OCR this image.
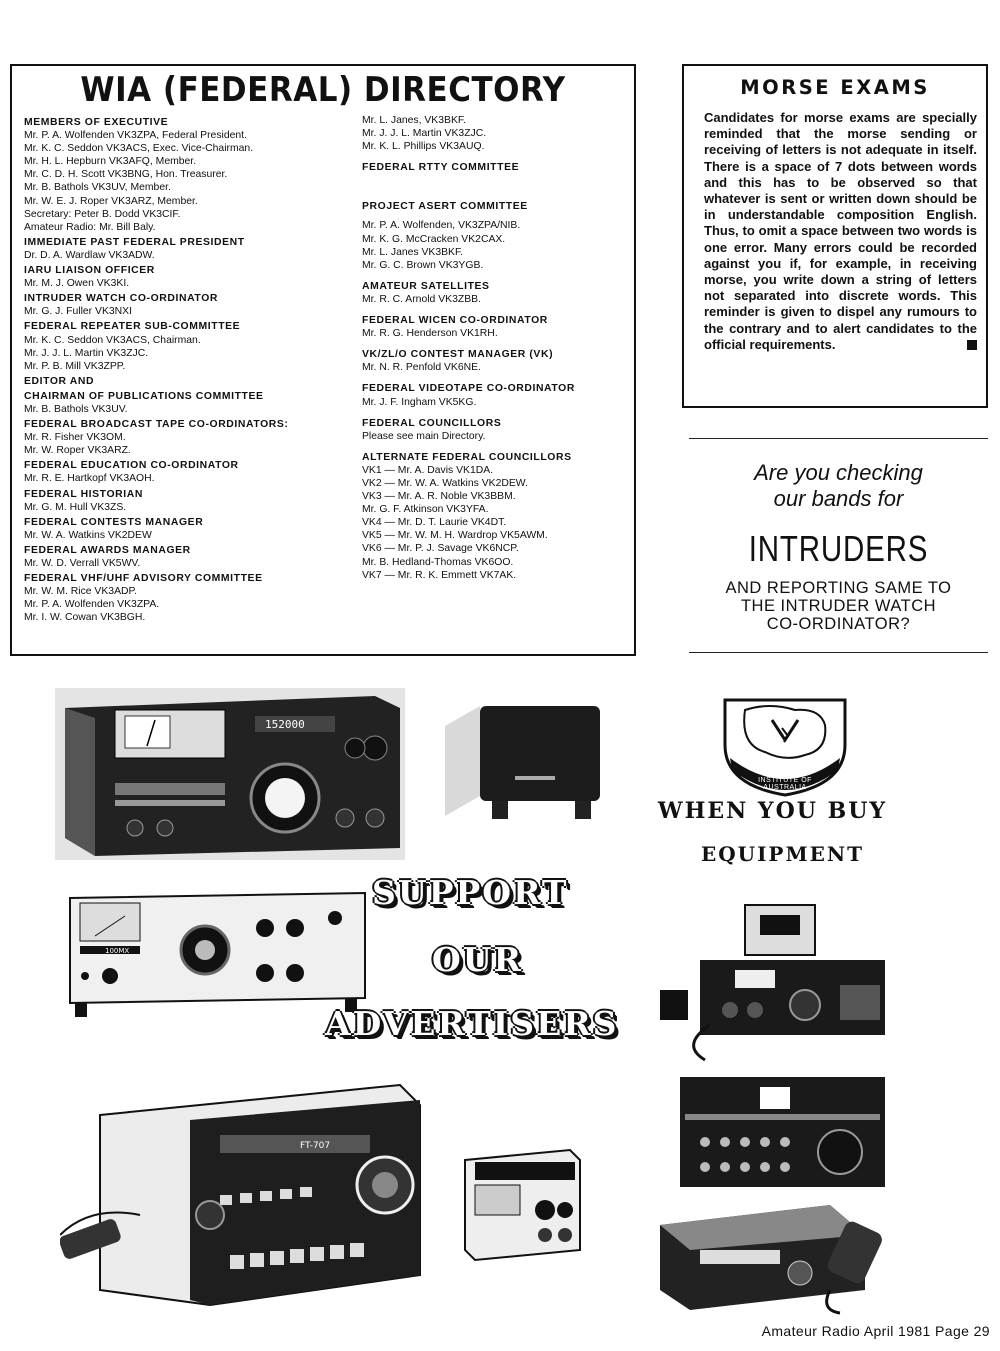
WIA (FEDERAL) DIRECTORY
MEMBERS OF EXECUTIVE
Mr. P. A. Wolfenden VK3ZPA, Federal President.
Mr. K. C. Seddon VK3ACS, Exec. Vice-Chairman.
Mr. H. L. Hepburn VK3AFQ, Member.
Mr. C. D. H. Scott VK3BNG, Hon. Treasurer.
Mr. B. Bathols VK3UV, Member.
Mr. W. E. J. Roper VK3ARZ, Member.
Secretary: Peter B. Dodd VK3CIF.
Amateur Radio: Mr. Bill Baly.
IMMEDIATE PAST FEDERAL PRESIDENT
Dr. D. A. Wardlaw VK3ADW.
IARU LIAISON OFFICER
Mr. M. J. Owen VK3KI.
INTRUDER WATCH CO-ORDINATOR
Mr. G. J. Fuller VK3NXI
FEDERAL REPEATER SUB-COMMITTEE
Mr. K. C. Seddon VK3ACS, Chairman.
Mr. J. J. L. Martin VK3ZJC.
Mr. P. B. Mill VK3ZPP.
EDITOR AND
CHAIRMAN OF PUBLICATIONS COMMITTEE
Mr. B. Bathols VK3UV.
FEDERAL BROADCAST TAPE CO-ORDINATORS:
Mr. R. Fisher VK3OM.
Mr. W. Roper VK3ARZ.
FEDERAL EDUCATION CO-ORDINATOR
Mr. R. E. Hartkopf VK3AOH.
FEDERAL HISTORIAN
Mr. G. M. Hull VK3ZS.
FEDERAL CONTESTS MANAGER
Mr. W. A. Watkins VK2DEW
FEDERAL AWARDS MANAGER
Mr. W. D. Verrall VK5WV.
FEDERAL VHF/UHF ADVISORY COMMITTEE
Mr. W. M. Rice VK3ADP.
Mr. P. A. Wolfenden VK3ZPA.
Mr. I. W. Cowan VK3BGH.
Mr. L. Janes, VK3BKF.
Mr. J. J. L. Martin VK3ZJC.
Mr. K. L. Phillips VK3AUQ.
FEDERAL RTTY COMMITTEE
PROJECT ASERT COMMITTEE
Mr. P. A. Wolfenden, VK3ZPA/NIB.
Mr. K. G. McCracken VK2CAX.
Mr. L. Janes VK3BKF.
Mr. G. C. Brown VK3YGB.
AMATEUR SATELLITES
Mr. R. C. Arnold VK3ZBB.
FEDERAL WICEN CO-ORDINATOR
Mr. R. G. Henderson VK1RH.
VK/ZL/O CONTEST MANAGER (VK)
Mr. N. R. Penfold VK6NE.
FEDERAL VIDEOTAPE CO-ORDINATOR
Mr. J. F. Ingham VK5KG.
FEDERAL COUNCILLORS
Please see main Directory.
ALTERNATE FEDERAL COUNCILLORS
VK1 — Mr. A. Davis VK1DA.
VK2 — Mr. W. A. Watkins VK2DEW.
VK3 — Mr. A. R. Noble VK3BBM.
Mr. G. F. Atkinson VK3YFA.
VK4 — Mr. D. T. Laurie VK4DT.
VK5 — Mr. W. M. H. Wardrop VK5AWM.
VK6 — Mr. P. J. Savage VK6NCP.
Mr. B. Hedland-Thomas VK6OO.
VK7 — Mr. R. K. Emmett VK7AK.
MORSE EXAMS
Candidates for morse exams are specially reminded that the morse sending or receiving of letters is not adequate in itself. There is a space of 7 dots between words and this has to be observed so that whatever is sent or written down should be in understandable composition English. Thus, to omit a space between two words is one error. Many errors could be recorded against you if, for example, in receiving morse, you write down a string of letters not separated into discrete words. This reminder is given to dispel any rumours to the contrary and to alert candidates to the official requirements.
Are you checking
our bands for
INTRUDERS
AND REPORTING SAME TO
THE INTRUDER WATCH
CO-ORDINATOR?
152000
WIRELESS INSTITUTE OF AUSTRALIA
WHEN YOU BUY
EQUIPMENT
100MX
SUPPORT
OUR
ADVERTISERS
FT-707
Amateur Radio April 1981 Page 29
